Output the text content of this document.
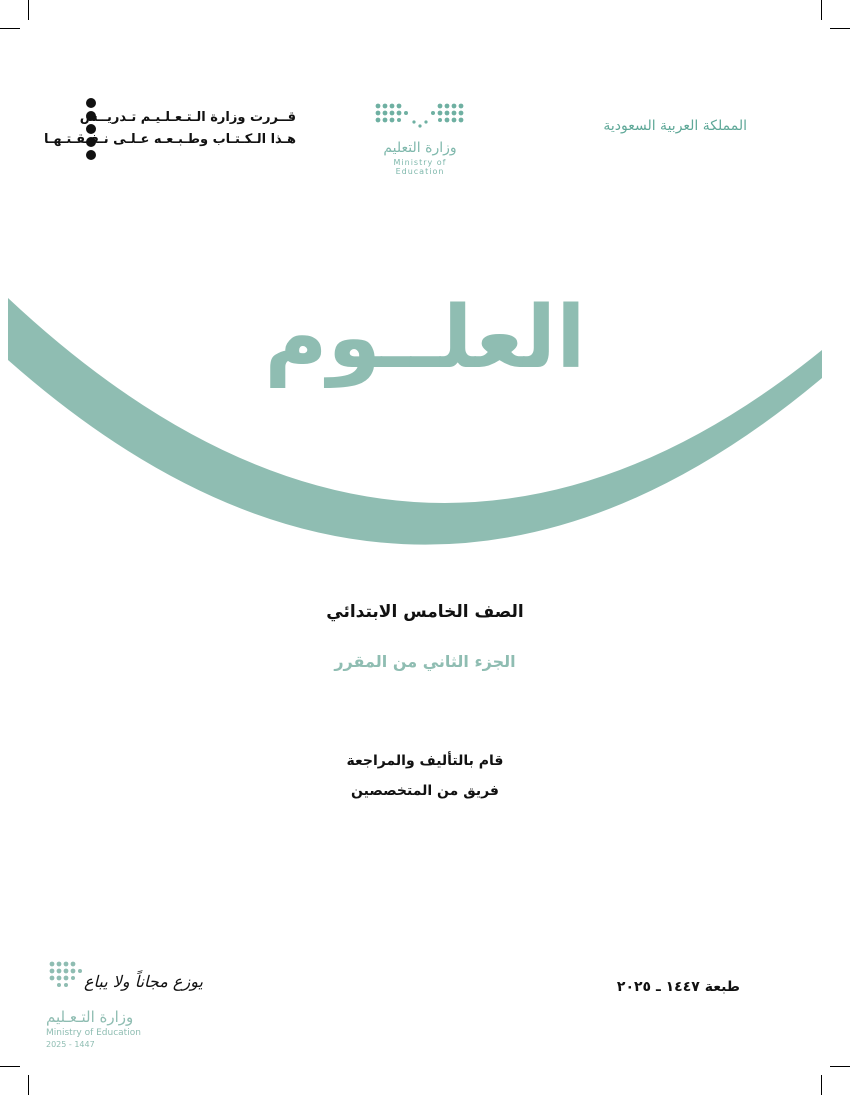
المملكة العربية السعودية
وزارة التعليم
Ministry of Education
قــررت وزارة الـتـعـلـيـم تـدريــس
هـذا الـكـتـاب وطـبـعـه عـلـى نـفـقـتـهـا
العلــوم
الصف الخامس الابتدائي
الجزء الثاني من المقرر
قام بالتأليف والمراجعة
فريق من المتخصصين
طبعة ١٤٤٧ ـ ٢٠٢٥
يوزع مجاناً ولا يباع
وزارة التـعـليم
Ministry of Education
2025 - 1447
